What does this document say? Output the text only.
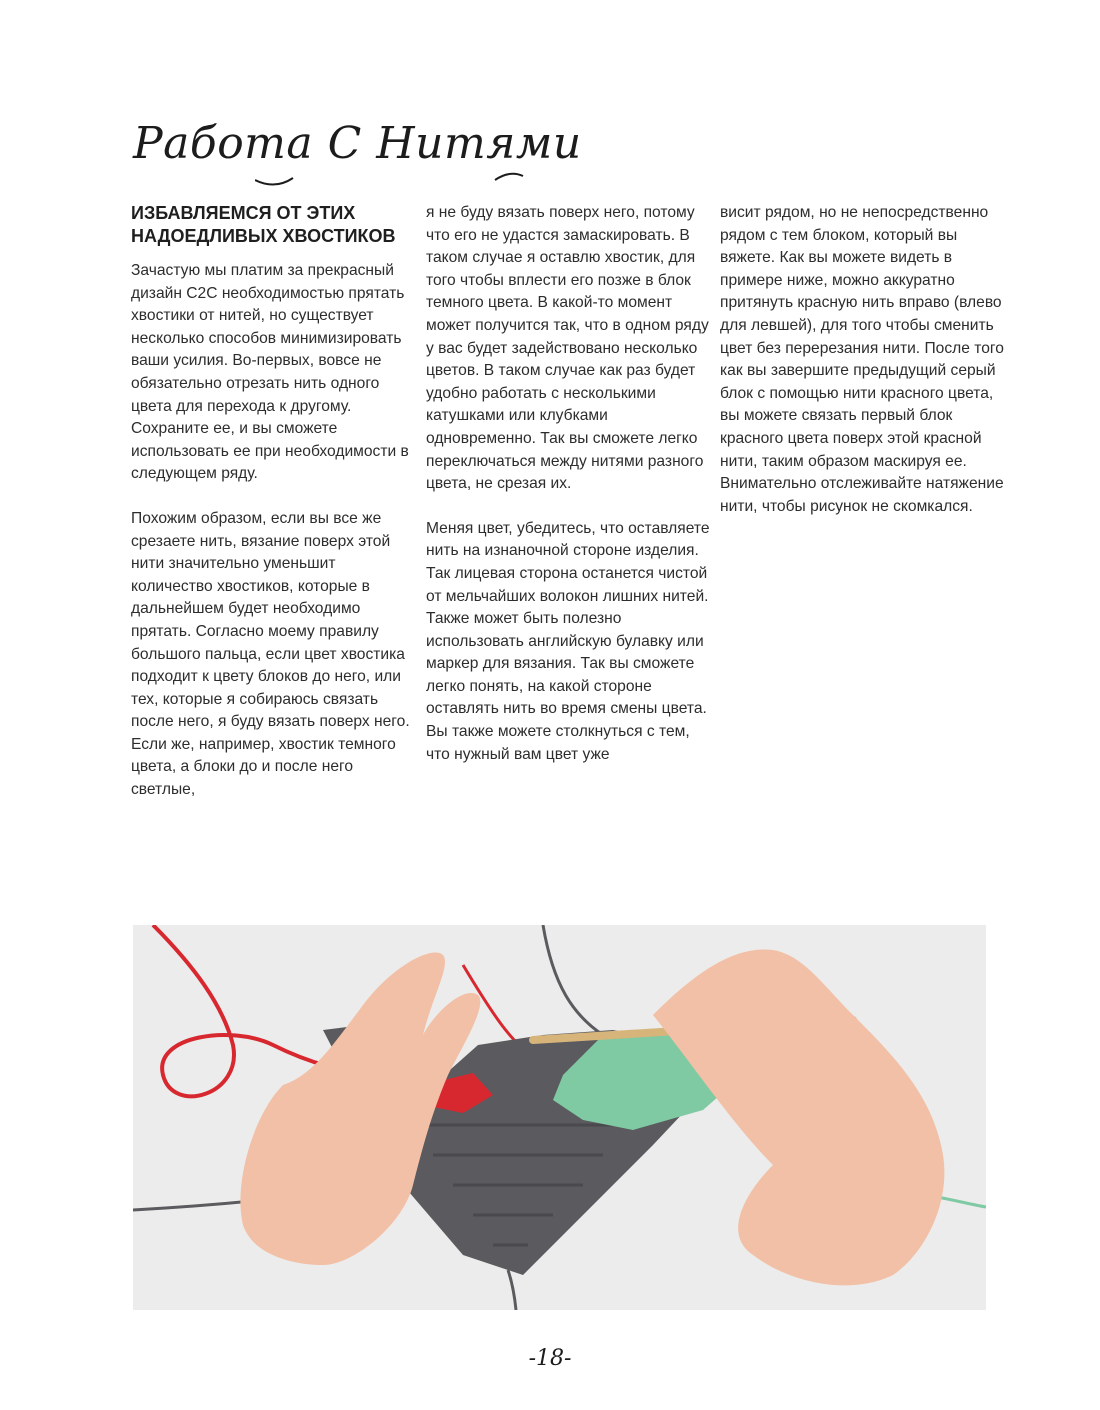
Работа С Нитями
ИЗБАВЛЯЕМСЯ ОТ ЭТИХ НАДОЕДЛИВЫХ ХВОСТИКОВ

Зачастую мы платим за прекрасный дизайн C2C необходимостью прятать хвостики от нитей, но существует несколько способов минимизировать ваши усилия. Во-первых, вовсе не обязательно отрезать нить одного цвета для перехода к другому. Сохраните ее, и вы сможете использовать ее при необходимости в следующем ряду.

Похожим образом, если вы все же срезаете нить, вязание поверх этой нити значительно уменьшит количество хвостиков, которые в дальнейшем будет необходимо прятать. Согласно моему правилу большого пальца, если цвет хвостика подходит к цвету блоков до него, или тех, которые я собираюсь связать после него, я буду вязать поверх него. Если же, например, хвостик темного цвета, а блоки до и после него светлые,

я не буду вязать поверх него, потому что его не удастся замаскировать. В таком случае я оставлю хвостик, для того чтобы вплести его позже в блок темного цвета. В какой-то момент может получится так, что в одном ряду у вас будет задействовано несколько цветов. В таком случае как раз будет удобно работать с несколькими катушками или клубками одновременно. Так вы сможете легко переключаться между нитями разного цвета, не срезая их.

Меняя цвет, убедитесь, что оставляете нить на изнаночной стороне изделия. Так лицевая сторона останется чистой от мельчайших волокон лишних нитей. Также может быть полезно использовать английскую булавку или маркер для вязания. Так вы сможете легко понять, на какой стороне оставлять нить во время смены цвета. Вы также можете столкнуться с тем, что нужный вам цвет уже

висит рядом, но не непосредственно рядом с тем блоком, который вы вяжете. Как вы можете видеть в примере ниже, можно аккуратно притянуть красную нить вправо (влево для левшей), для того чтобы сменить цвет без перерезания нити. После того как вы завершите предыдущий серый блок с помощью нити красного цвета, вы можете связать первый блок красного цвета поверх этой красной нити, таким образом маскируя ее. Внимательно отслеживайте натяжение нити, чтобы рисунок не скомкался.

-18-
